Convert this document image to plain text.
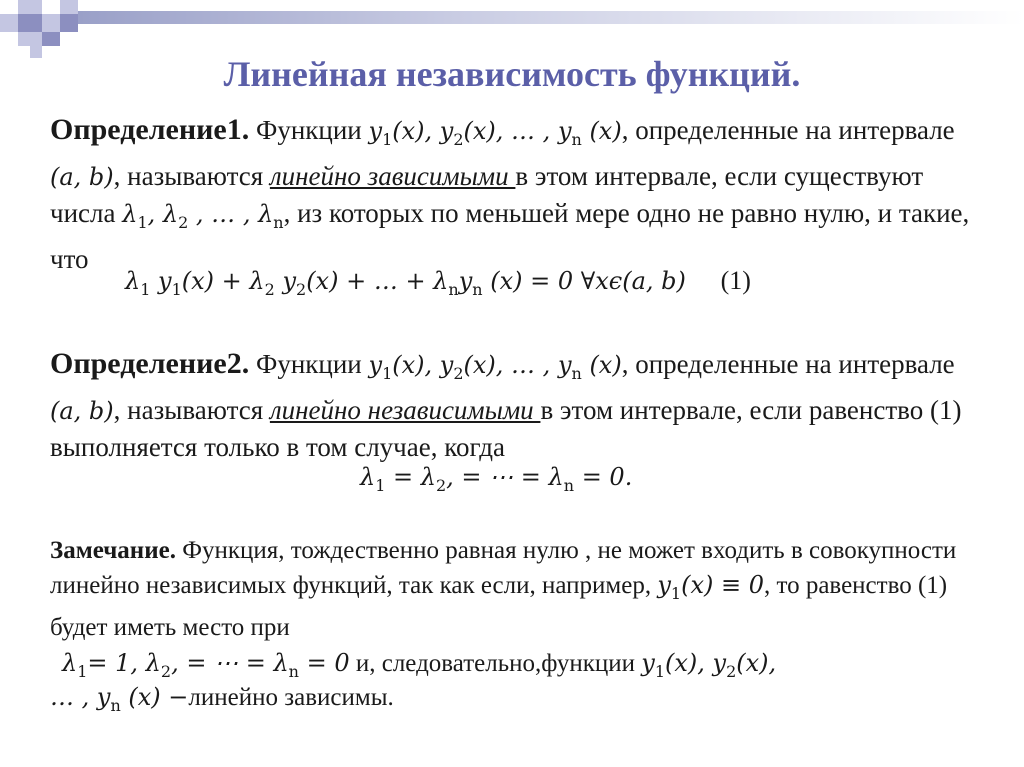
Линейная независимость функций.

Определение1. Функции $y_1(x)$, $y_2(x)$, … , $y_n$ (x), определенные на интервале (a, b), называются линейно зависимыми в этом интервале, если существуют числа $\lambda_1$, $\lambda_2$ , … , $\lambda_n$, из которых по меньшей мере одно не равно нулю, и такие, что

$\lambda_1$ $y_1(x) + \lambda_2$ $y_2(x)$ + … + $\lambda_ny_n$ (x) = 0 ∀xϵ(a, b) (1)

Определение2. Функции $y_1(x)$, $y_2(x)$, … , $y_n$ (x), определенные на интервале (a, b), называются линейно независимыми в этом интервале, если равенство (1) выполняется только в том случае, когда

$\lambda_1 = \lambda_2$, = ⋯ = $\lambda_n = 0$.

Замечание. Функция, тождественно равная нулю , не может входить в совокупности линейно независимых функций, так как если, например, $y_1(x) \equiv 0$, то равенство (1) будет иметь место при

$\lambda_1= 1$, $\lambda_2$, = ⋯ = $\lambda_n = 0$ и, следовательно,функции $y_1(x)$, $y_2(x)$,

… , $y_n$ (x) −линейно зависимы.
